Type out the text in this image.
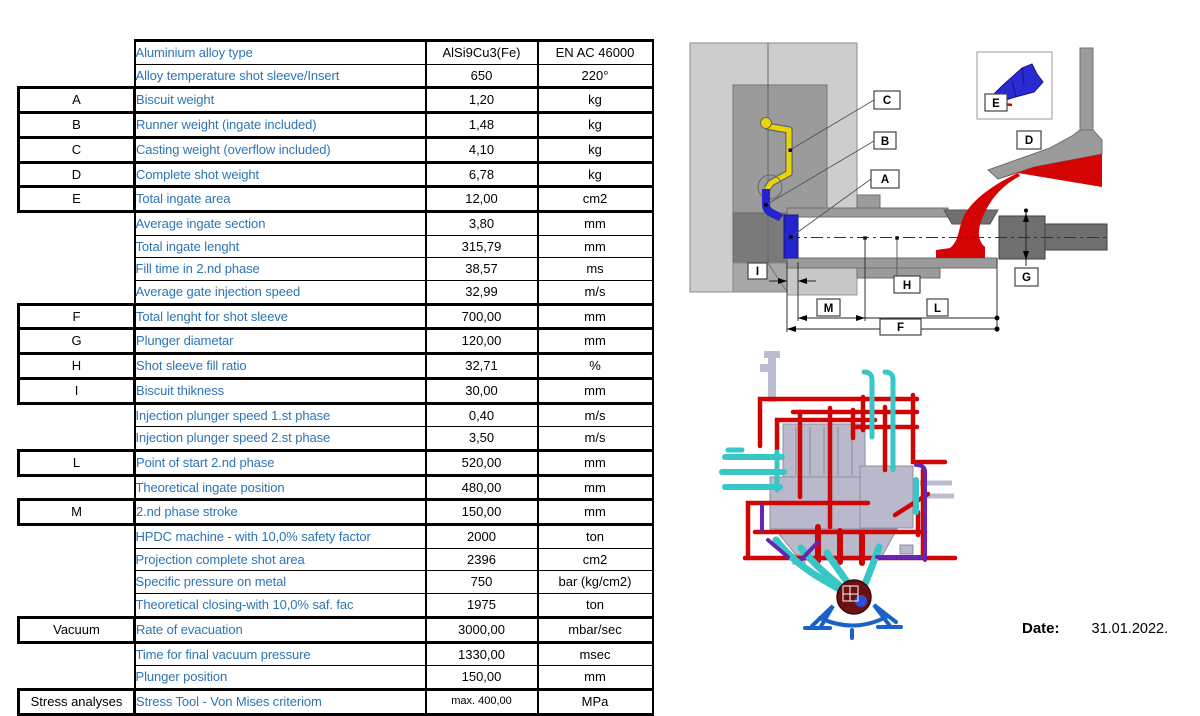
	Aluminium alloy type	AlSi9Cu3(Fe)	EN AC 46000
	Alloy temperature shot sleeve/Insert	650	220°
A	Biscuit weight	1,20	kg
B	Runner weight (ingate included)	1,48	kg
C	Casting weight (overflow included)	4,10	kg
D	Complete shot weight	6,78	kg
E	Total ingate area	12,00	cm2
	Average ingate section	3,80	mm
	Total ingate lenght	315,79	mm
	Fill time in 2.nd phase	38,57	ms
	Average gate injection speed	32,99	m/s
F	Total lenght for shot sleeve	700,00	mm
G	Plunger diametar	120,00	mm
H	Shot sleeve fill ratio	32,71	%
I	Biscuit thikness	30,00	mm
	Injection plunger speed 1.st phase	0,40	m/s
	Injection plunger speed 2.st phase	3,50	m/s
L	Point of start 2.nd phase	520,00	mm
	Theoretical ingate position	480,00	mm
M	2.nd phase stroke	150,00	mm
	HPDC machine - with 10,0% safety factor	2000	ton
	Projection complete shot area	2396	cm2
	Specific pressure on metal	750	bar (kg/cm2)
	Theoretical closing-with 10,0% saf. fac	1975	ton
Vacuum	Rate of evacuation	3000,00	mbar/sec
	Time for final vacuum pressure	1330,00	msec
	Plunger position	150,00	mm
Stress analyses	Stress Tool - Von Mises criteriom	max. 400,00	MPa
C
B
A
E
D
I
H
G
M	L
F
Date: 31.01.2022.
